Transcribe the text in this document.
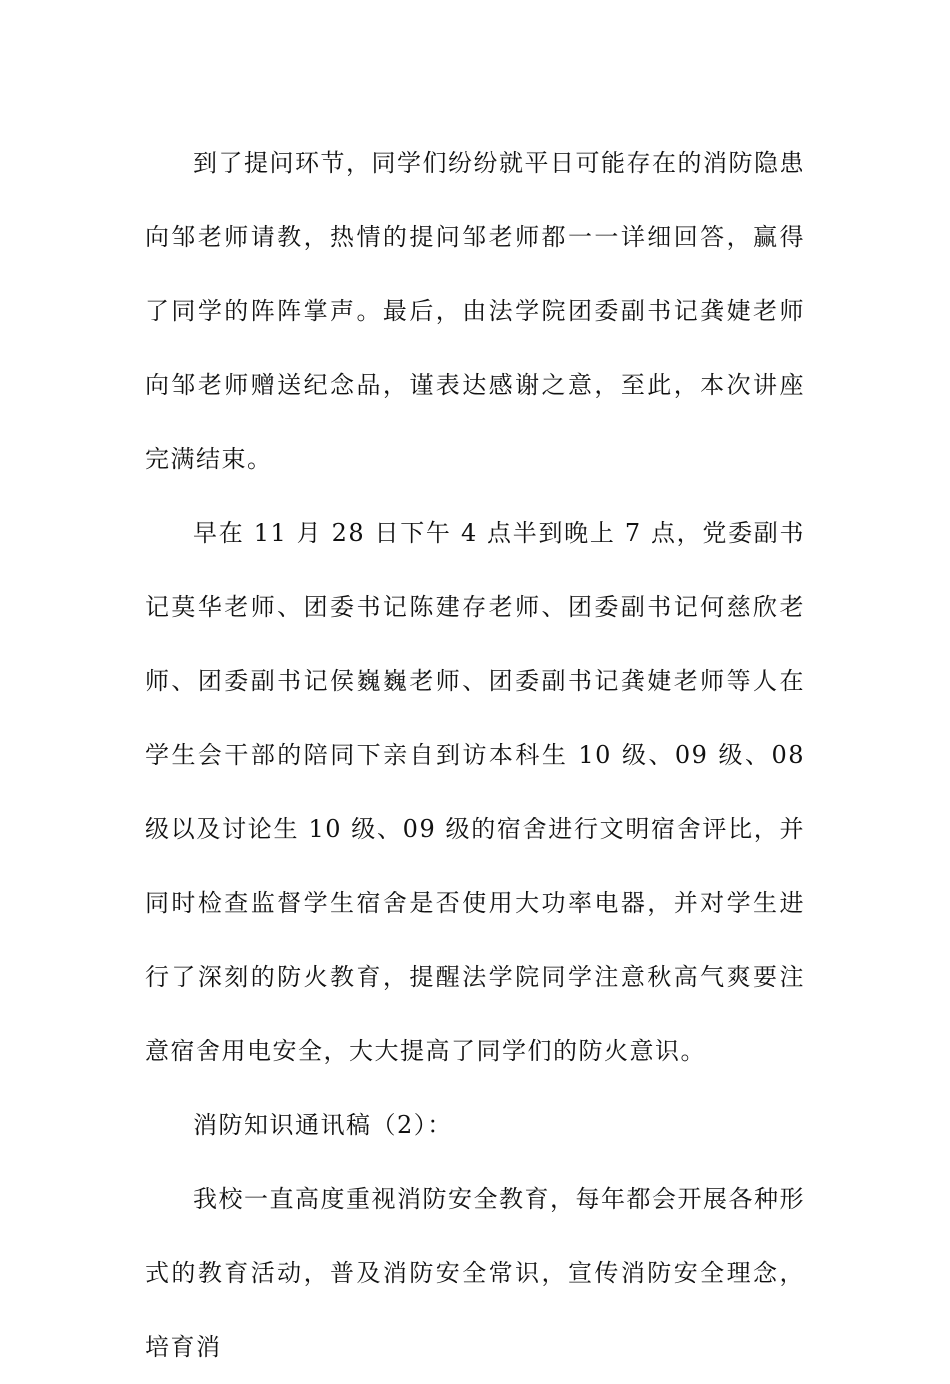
到了提问环节，同学们纷纷就平日可能存在的消防隐患向邹老师请教，热情的提问邹老师都一一详细回答，赢得了同学的阵阵掌声。最后，由法学院团委副书记龚婕老师向邹老师赠送纪念品，谨表达感谢之意，至此，本次讲座完满结束。

早在 11 月 28 日下午 4 点半到晚上 7 点，党委副书记莫华老师、团委书记陈建存老师、团委副书记何慈欣老师、团委副书记侯巍巍老师、团委副书记龚婕老师等人在学生会干部的陪同下亲自到访本科生 10 级、09 级、08 级以及讨论生 10 级、09 级的宿舍进行文明宿舍评比，并同时检查监督学生宿舍是否使用大功率电器，并对学生进行了深刻的防火教育，提醒法学院同学注意秋高气爽要注意宿舍用电安全，大大提高了同学们的防火意识。

消防知识通讯稿（2）：

我校一直高度重视消防安全教育，每年都会开展各种形式的教育活动，普及消防安全常识，宣传消防安全理念，培育消
